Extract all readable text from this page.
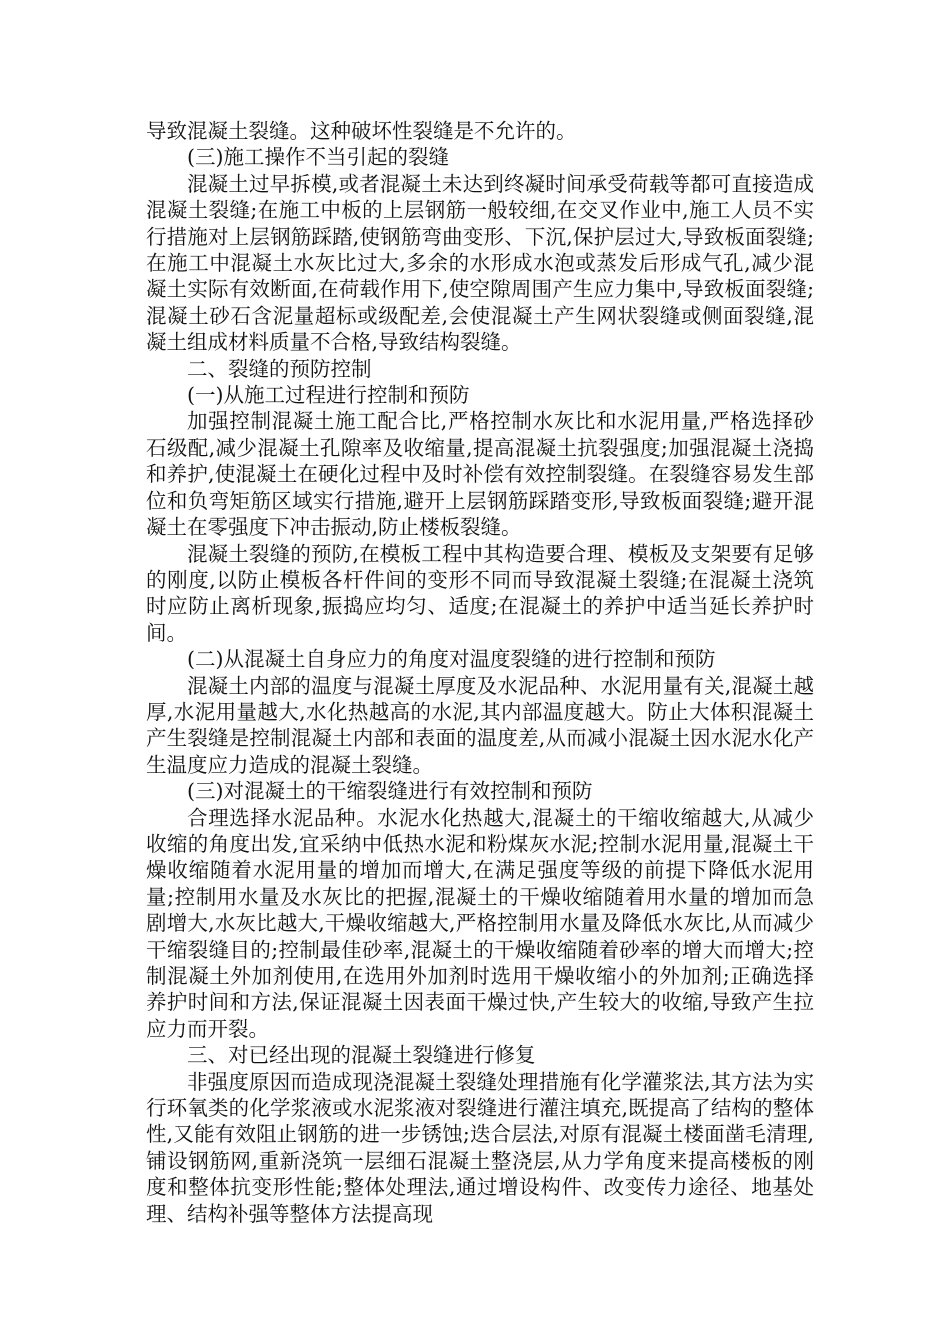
导致混凝土裂缝。这种破坏性裂缝是不允许的。

(三)施工操作不当引起的裂缝

混凝土过早拆模,或者混凝土未达到终凝时间承受荷载等都可直接造成混凝土裂缝;在施工中板的上层钢筋一般较细,在交叉作业中,施工人员不实行措施对上层钢筋踩踏,使钢筋弯曲变形、下沉,保护层过大,导致板面裂缝;在施工中混凝土水灰比过大,多余的水形成水泡或蒸发后形成气孔,减少混凝土实际有效断面,在荷载作用下,使空隙周围产生应力集中,导致板面裂缝;混凝土砂石含泥量超标或级配差,会使混凝土产生网状裂缝或侧面裂缝,混凝土组成材料质量不合格,导致结构裂缝。

二、裂缝的预防控制

(一)从施工过程进行控制和预防

加强控制混凝土施工配合比,严格控制水灰比和水泥用量,严格选择砂石级配,减少混凝土孔隙率及收缩量,提高混凝土抗裂强度;加强混凝土浇捣和养护,使混凝土在硬化过程中及时补偿有效控制裂缝。在裂缝容易发生部位和负弯矩筋区域实行措施,避开上层钢筋踩踏变形,导致板面裂缝;避开混凝土在零强度下冲击振动,防止楼板裂缝。

混凝土裂缝的预防,在模板工程中其构造要合理、模板及支架要有足够的刚度,以防止模板各杆件间的变形不同而导致混凝土裂缝;在混凝土浇筑时应防止离析现象,振捣应均匀、适度;在混凝土的养护中适当延长养护时间。

(二)从混凝土自身应力的角度对温度裂缝的进行控制和预防

混凝土内部的温度与混凝土厚度及水泥品种、水泥用量有关,混凝土越厚,水泥用量越大,水化热越高的水泥,其内部温度越大。防止大体积混凝土产生裂缝是控制混凝土内部和表面的温度差,从而减小混凝土因水泥水化产生温度应力造成的混凝土裂缝。

(三)对混凝土的干缩裂缝进行有效控制和预防

合理选择水泥品种。水泥水化热越大,混凝土的干缩收缩越大,从减少收缩的角度出发,宜采纳中低热水泥和粉煤灰水泥;控制水泥用量,混凝土干燥收缩随着水泥用量的增加而增大,在满足强度等级的前提下降低水泥用量;控制用水量及水灰比的把握,混凝土的干燥收缩随着用水量的增加而急剧增大,水灰比越大,干燥收缩越大,严格控制用水量及降低水灰比,从而减少干缩裂缝目的;控制最佳砂率,混凝土的干燥收缩随着砂率的增大而增大;控制混凝土外加剂使用,在选用外加剂时选用干燥收缩小的外加剂;正确选择养护时间和方法,保证混凝土因表面干燥过快,产生较大的收缩,导致产生拉应力而开裂。

三、对已经出现的混凝土裂缝进行修复

非强度原因而造成现浇混凝土裂缝处理措施有化学灌浆法,其方法为实行环氧类的化学浆液或水泥浆液对裂缝进行灌注填充,既提高了结构的整体性,又能有效阻止钢筋的进一步锈蚀;迭合层法,对原有混凝土楼面凿毛清理,铺设钢筋网,重新浇筑一层细石混凝土整浇层,从力学角度来提高楼板的刚度和整体抗变形性能;整体处理法,通过增设构件、改变传力途径、地基处理、结构补强等整体方法提高现
